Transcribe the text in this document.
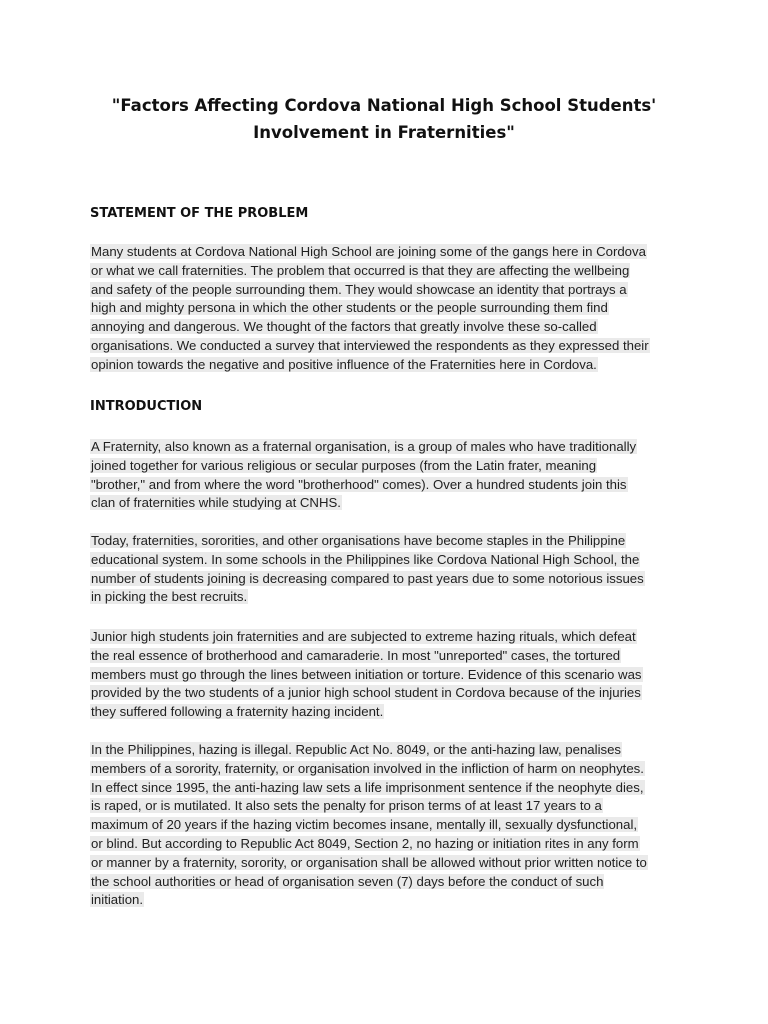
"Factors Affecting Cordova National High School Students'
Involvement in Fraternities"
STATEMENT OF THE PROBLEM
Many students at Cordova National High School are joining some of the gangs here in Cordova
or what we call fraternities. The problem that occurred is that they are affecting the wellbeing
and safety of the people surrounding them. They would showcase an identity that portrays a
high and mighty persona in which the other students or the people surrounding them find
annoying and dangerous. We thought of the factors that greatly involve these so-called
organisations. We conducted a survey that interviewed the respondents as they expressed their
opinion towards the negative and positive influence of the Fraternities here in Cordova.
INTRODUCTION
A Fraternity, also known as a fraternal organisation, is a group of males who have traditionally
joined together for various religious or secular purposes (from the Latin frater, meaning
"brother," and from where the word "brotherhood" comes). Over a hundred students join this
clan of fraternities while studying at CNHS.
Today, fraternities, sororities, and other organisations have become staples in the Philippine
educational system. In some schools in the Philippines like Cordova National High School, the
number of students joining is decreasing compared to past years due to some notorious issues
in picking the best recruits.
Junior high students join fraternities and are subjected to extreme hazing rituals, which defeat
the real essence of brotherhood and camaraderie. In most "unreported" cases, the tortured
members must go through the lines between initiation or torture. Evidence of this scenario was
provided by the two students of a junior high school student in Cordova because of the injuries
they suffered following a fraternity hazing incident.
In the Philippines, hazing is illegal. Republic Act No. 8049, or the anti-hazing law, penalises
members of a sorority, fraternity, or organisation involved in the infliction of harm on neophytes.
In effect since 1995, the anti-hazing law sets a life imprisonment sentence if the neophyte dies,
is raped, or is mutilated. It also sets the penalty for prison terms of at least 17 years to a
maximum of 20 years if the hazing victim becomes insane, mentally ill, sexually dysfunctional,
or blind. But according to Republic Act 8049, Section 2, no hazing or initiation rites in any form
or manner by a fraternity, sorority, or organisation shall be allowed without prior written notice to
the school authorities or head of organisation seven (7) days before the conduct of such
initiation.
